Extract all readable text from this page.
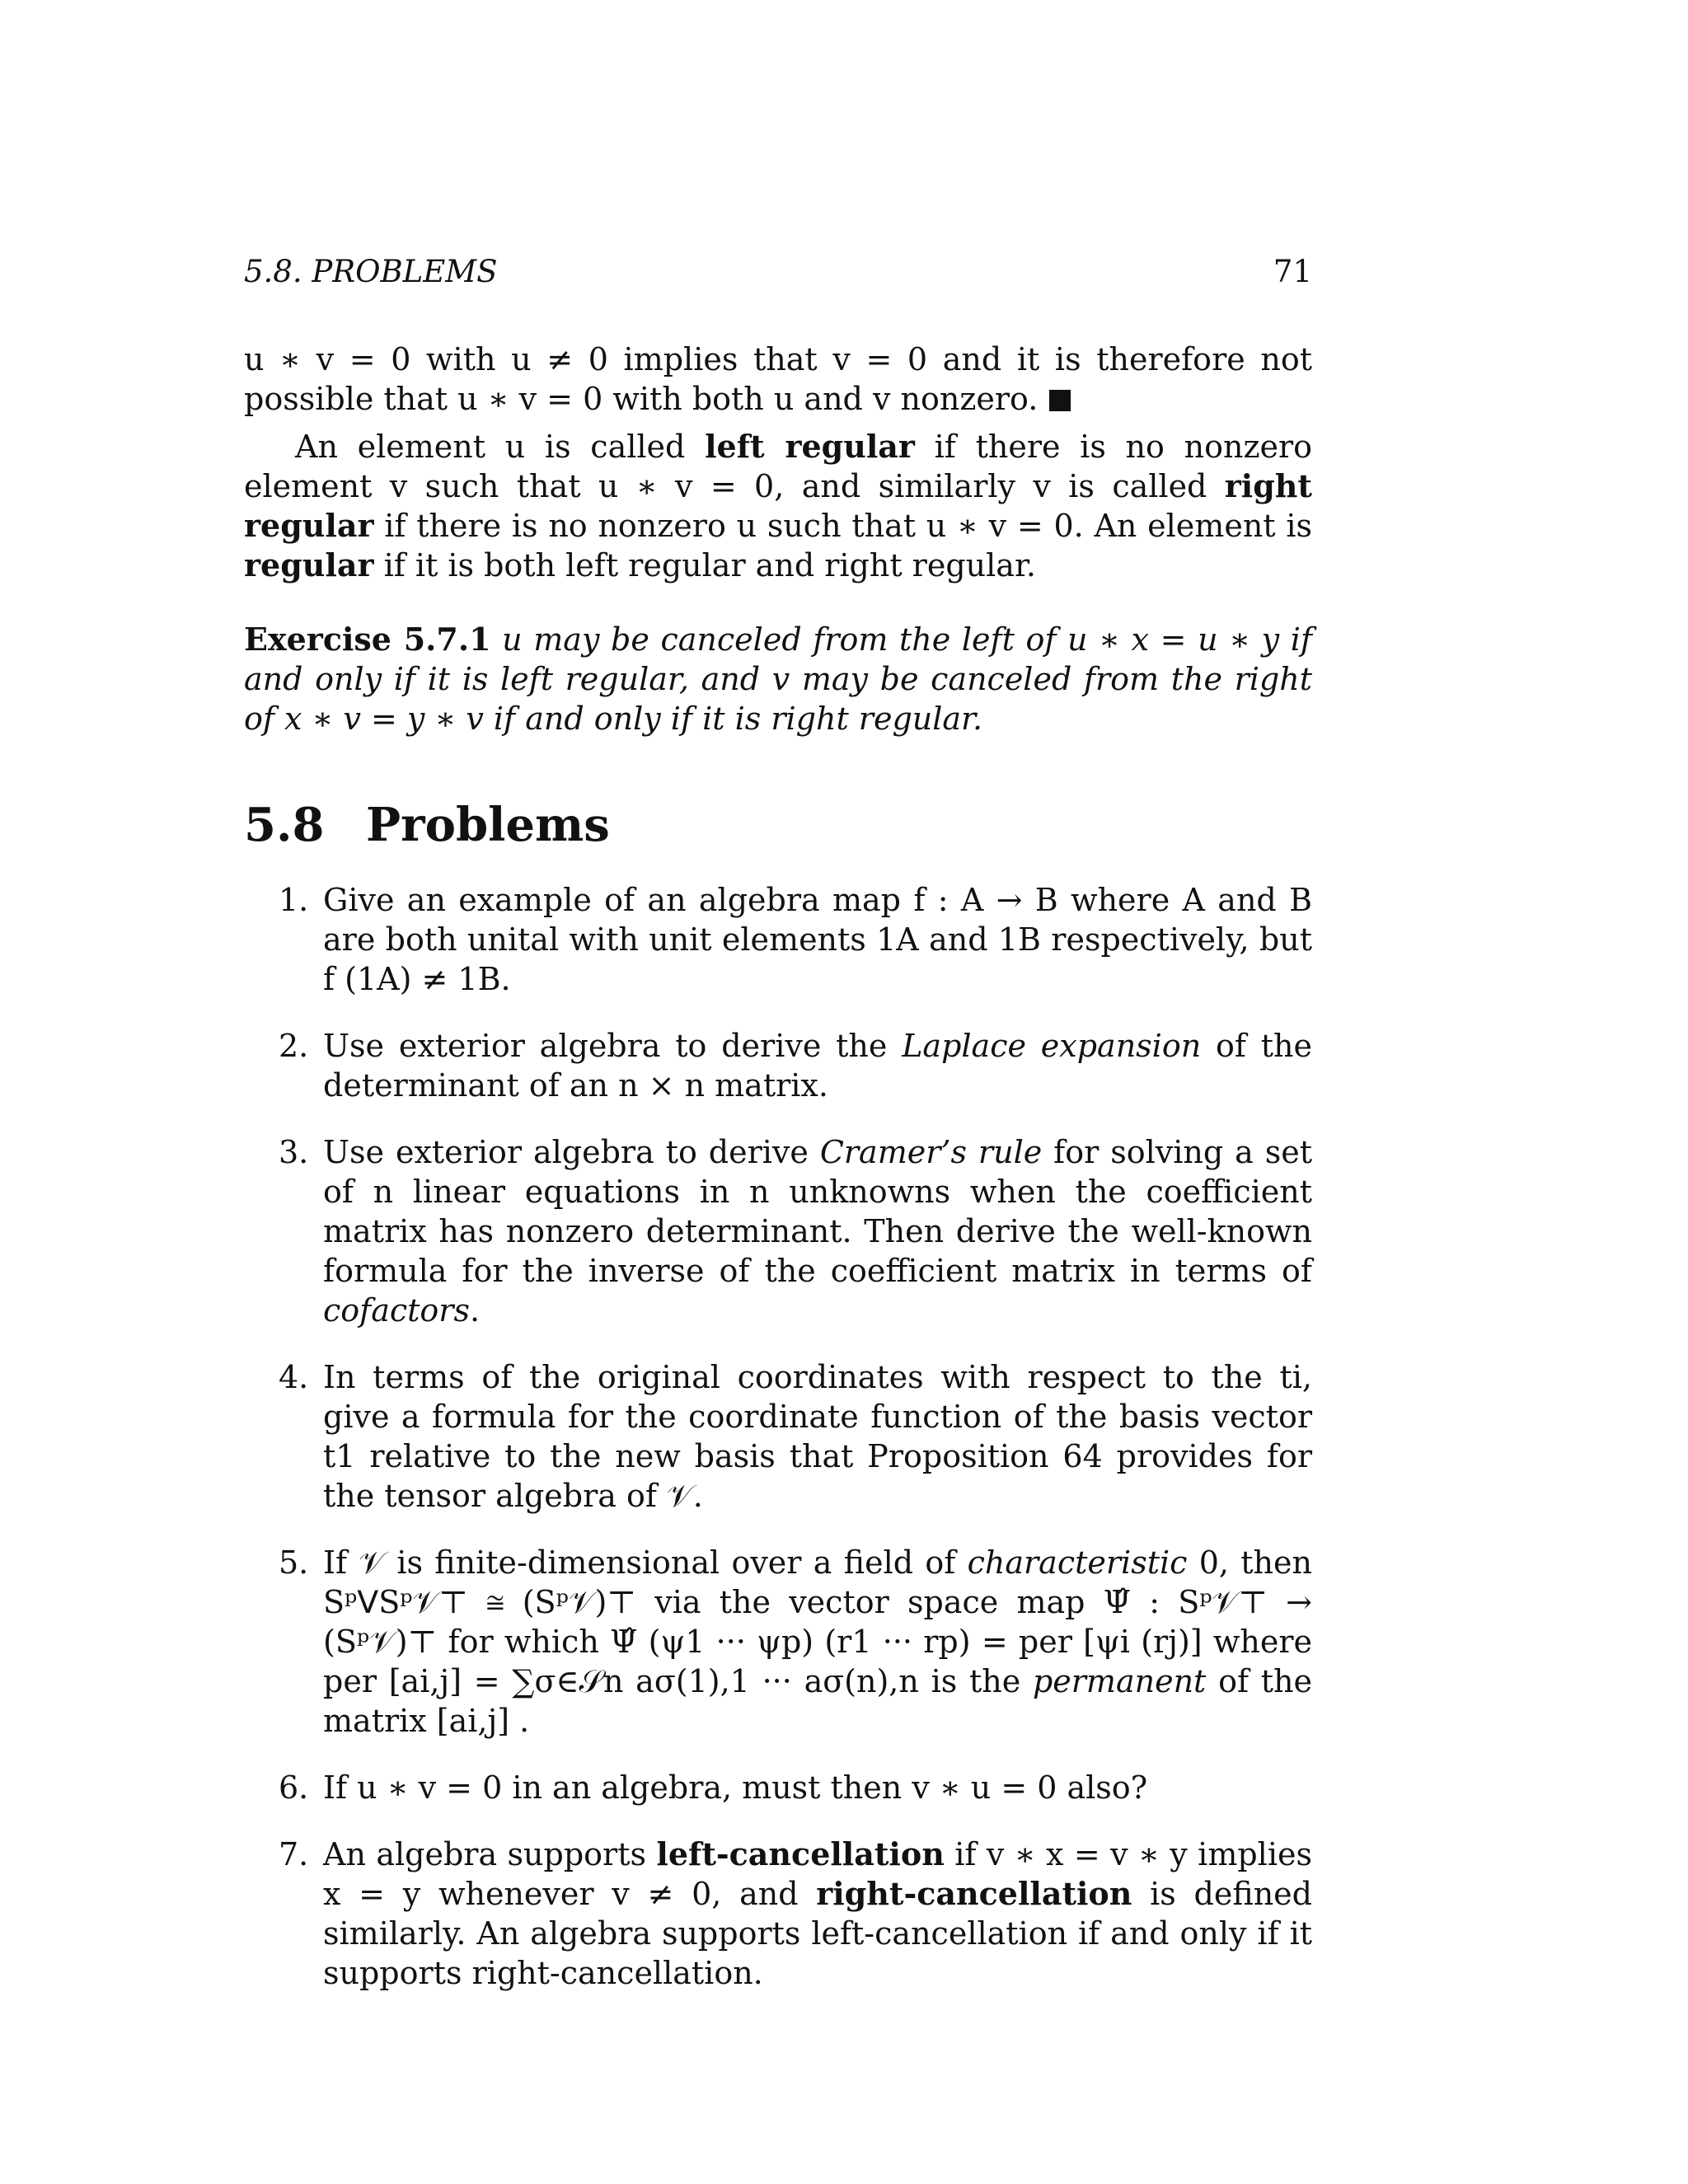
5.8. PROBLEMS	71

u ∗ v = 0 with u ≠ 0 implies that v = 0 and it is therefore not possible that u ∗ v = 0 with both u and v nonzero.

An element u is called left regular if there is no nonzero element v such that u ∗ v = 0, and similarly v is called right regular if there is no nonzero u such that u ∗ v = 0. An element is regular if it is both left regular and right regular.

Exercise 5.7.1 u may be canceled from the left of u ∗ x = u ∗ y if and only if it is left regular, and v may be canceled from the right of x ∗ v = y ∗ v if and only if it is right regular.
5.8 Problems
1. Give an example of an algebra map f : A → B where A and B are both unital with unit elements 1A and 1B respectively, but f (1A) ≠ 1B.
2. Use exterior algebra to derive the Laplace expansion of the determinant of an n × n matrix.
3. Use exterior algebra to derive Cramer’s rule for solving a set of n linear equations in n unknowns when the coefficient matrix has nonzero determinant. Then derive the well-known formula for the inverse of the coefficient matrix in terms of cofactors.
4. In terms of the original coordinates with respect to the ti, give a formula for the coordinate function of the basis vector t1 relative to the new basis that Proposition 64 provides for the tensor algebra of 𝒱.
5. If 𝒱 is finite-dimensional over a field of characteristic 0, then SᵖᐯSᵖ𝒱⊤ ≅ (Sᵖ𝒱)⊤ via the vector space map Ψ̂ : Sᵖ𝒱⊤ → (Sᵖ𝒱)⊤ for which Ψ̂ (ψ1 ··· ψp) (r1 ··· rp) = per [ψi (rj)] where per [ai,j] = ∑σ∈𝒮n aσ(1),1 ··· aσ(n),n is the permanent of the matrix [ai,j] .
6. If u ∗ v = 0 in an algebra, must then v ∗ u = 0 also?
7. An algebra supports left-cancellation if v ∗ x = v ∗ y implies x = y whenever v ≠ 0, and right-cancellation is defined similarly. An algebra supports left-cancellation if and only if it supports right-cancellation.
